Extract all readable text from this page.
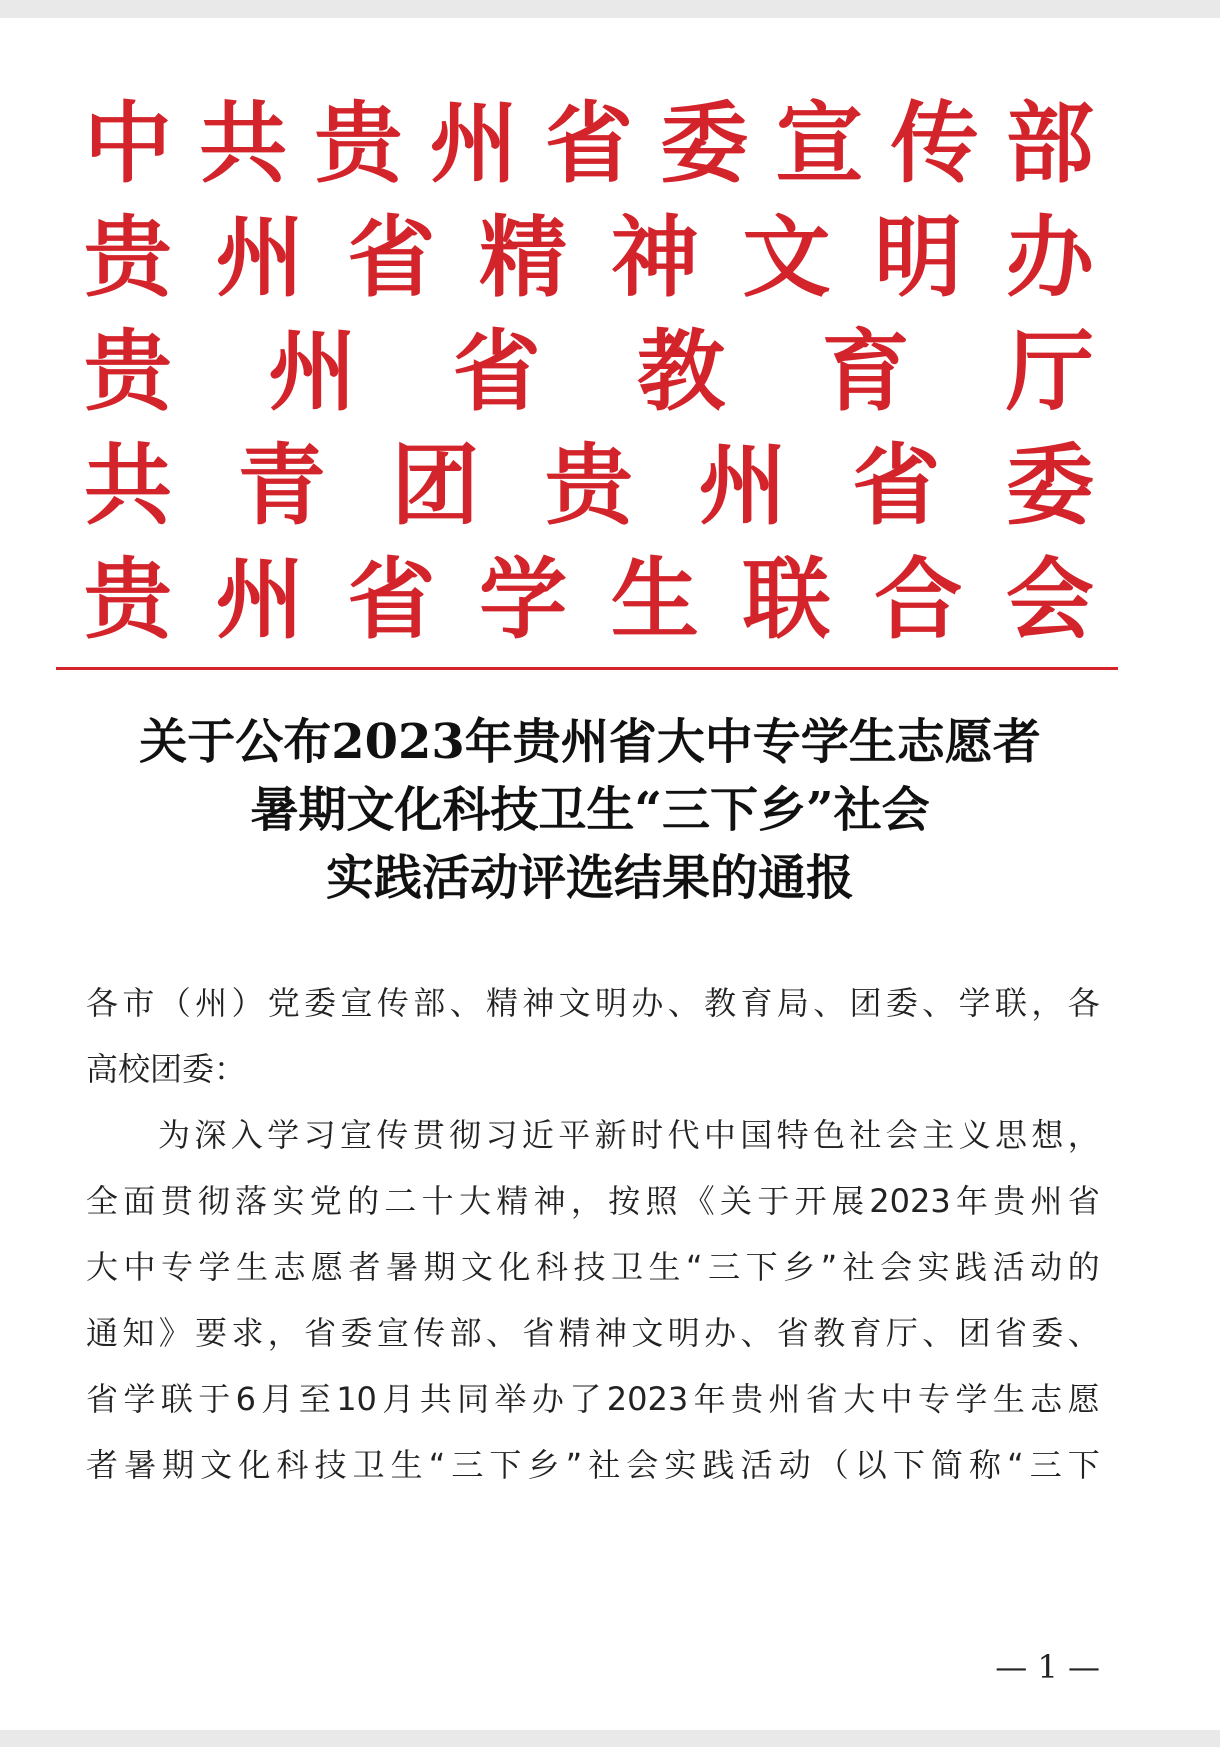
中 共 贵 州 省 委 宣 传 部
贵 州 省 精 神 文 明 办
贵 州 省 教 育 厅
共 青 团 贵 州 省 委
贵 州 省 学 生 联 合 会
关于公布2023年贵州省大中专学生志愿者
暑期文化科技卫生“三下乡”社会
实践活动评选结果的通报
各 市 （ 州 ） 党 委 宣 传 部 、 精 神 文 明 办 、 教 育 局 、 团 委 、 学 联 ， 各
高校团委：
为 深 入 学 习 宣 传 贯 彻 习 近 平 新 时 代 中 国 特 色 社 会 主 义 思 想 ，
全 面 贯 彻 落 实 党 的 二 十 大 精 神 ， 按 照 《 关 于 开 展 2023 年 贵 州 省
大 中 专 学 生 志 愿 者 暑 期 文 化 科 技 卫 生 “ 三 下 乡 ” 社 会 实 践 活 动 的
通 知 》 要 求 ， 省 委 宣 传 部 、 省 精 神 文 明 办 、 省 教 育 厅 、 团 省 委 、
省 学 联 于 6 月 至 10 月 共 同 举 办 了 2023 年 贵 州 省 大 中 专 学 生 志 愿
者 暑 期 文 化 科 技 卫 生 “ 三 下 乡 ” 社 会 实 践 活 动 （ 以 下 简 称 “ 三 下
— 1 —
